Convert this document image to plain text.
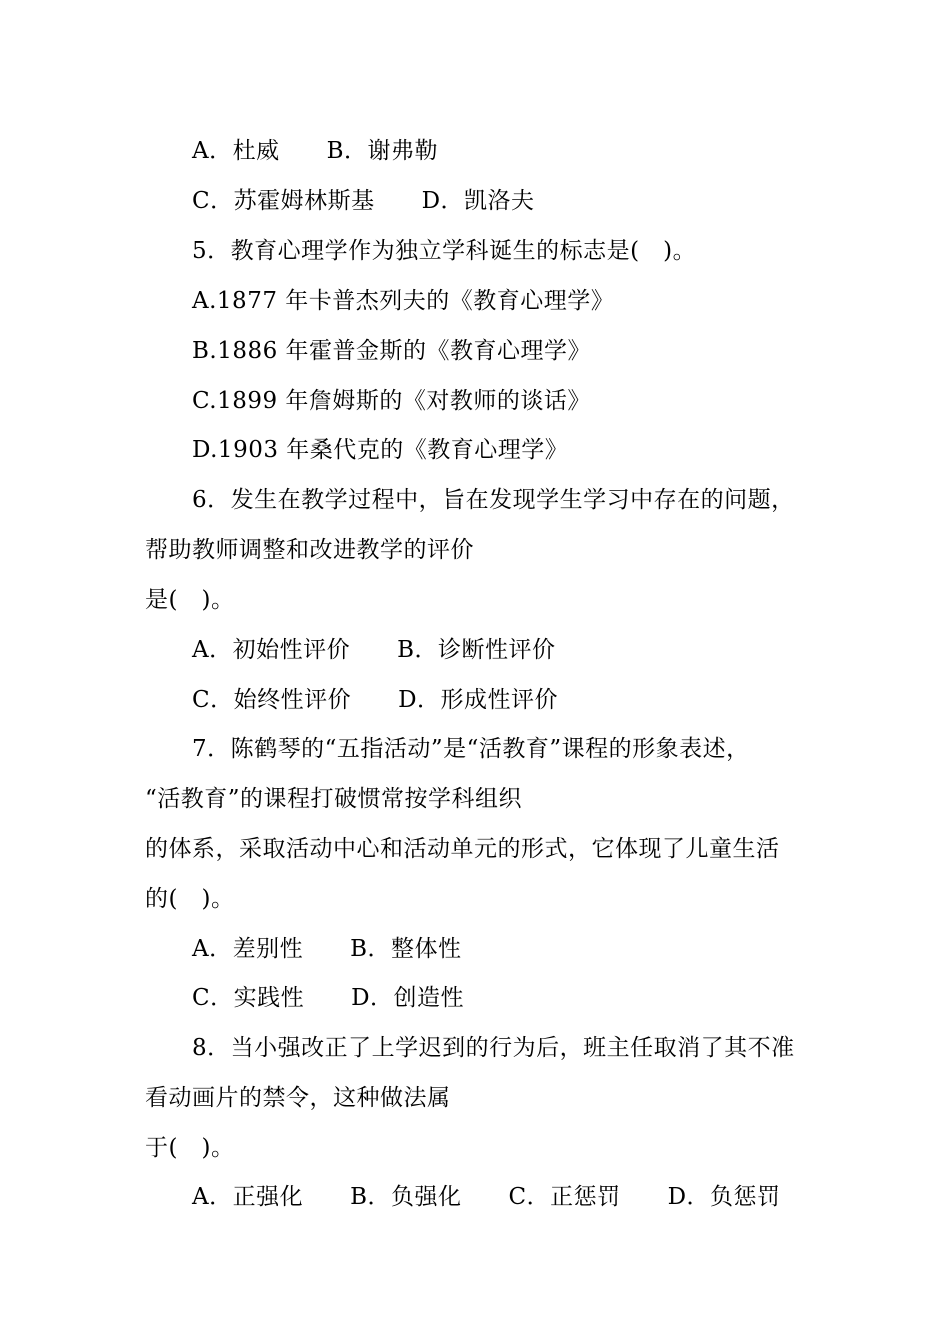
A．杜威　　B．谢弗勒
C．苏霍姆林斯基　　D．凯洛夫
5．教育心理学作为独立学科诞生的标志是(　)。
A.1877 年卡普杰列夫的《教育心理学》
B.1886 年霍普金斯的《教育心理学》
C.1899 年詹姆斯的《对教师的谈话》
D.1903 年桑代克的《教育心理学》
6．发生在教学过程中，旨在发现学生学习中存在的问题，
帮助教师调整和改进教学的评价
是(　)。
A．初始性评价　　B．诊断性评价
C．始终性评价　　D．形成性评价
7．陈鹤琴的“五指活动”是“活教育”课程的形象表述，
“活教育”的课程打破惯常按学科组织
的体系，采取活动中心和活动单元的形式，它体现了儿童生活
的(　)。
A．差别性　　B．整体性
C．实践性　　D．创造性
8．当小强改正了上学迟到的行为后，班主任取消了其不准
看动画片的禁令，这种做法属
于(　)。
A．正强化　　B．负强化　　C．正惩罚　　D．负惩罚
